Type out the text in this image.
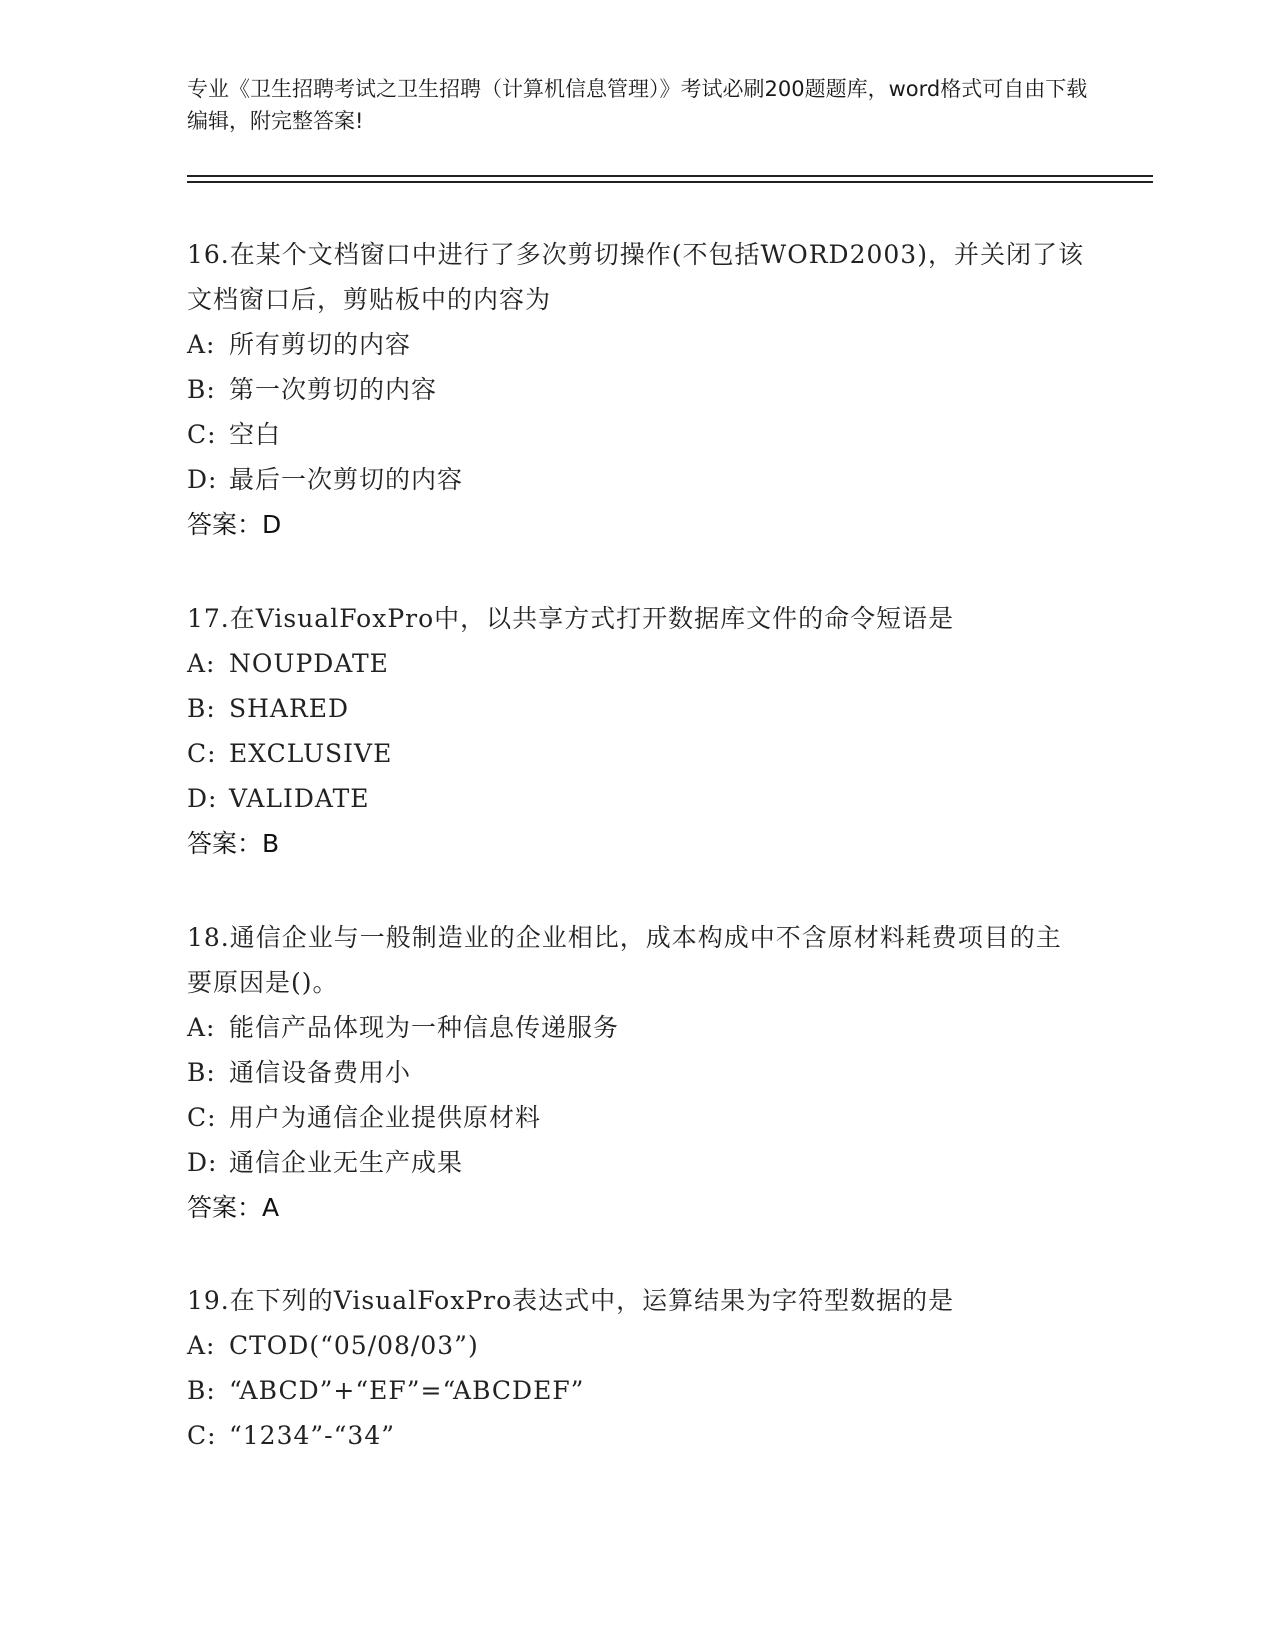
专业《卫生招聘考试之卫生招聘（计算机信息管理）》考试必刷200题题库，word格式可自由下载编辑，附完整答案!
16.在某个文档窗口中进行了多次剪切操作(不包括WORD2003)，并关闭了该文档窗口后，剪贴板中的内容为
A: 所有剪切的内容
B: 第一次剪切的内容
C: 空白
D: 最后一次剪切的内容
答案：D
17.在VisualFoxPro中，以共享方式打开数据库文件的命令短语是
A: NOUPDATE
B: SHARED
C: EXCLUSIVE
D: VALIDATE
答案：B
18.通信企业与一般制造业的企业相比，成本构成中不含原材料耗费项目的主要原因是()。
A: 能信产品体现为一种信息传递服务
B: 通信设备费用小
C: 用户为通信企业提供原材料
D: 通信企业无生产成果
答案：A
19.在下列的VisualFoxPro表达式中，运算结果为字符型数据的是
A: CTOD(“05/08/03”)
B: “ABCD”+“EF”=“ABCDEF”
C: “1234”-“34”
